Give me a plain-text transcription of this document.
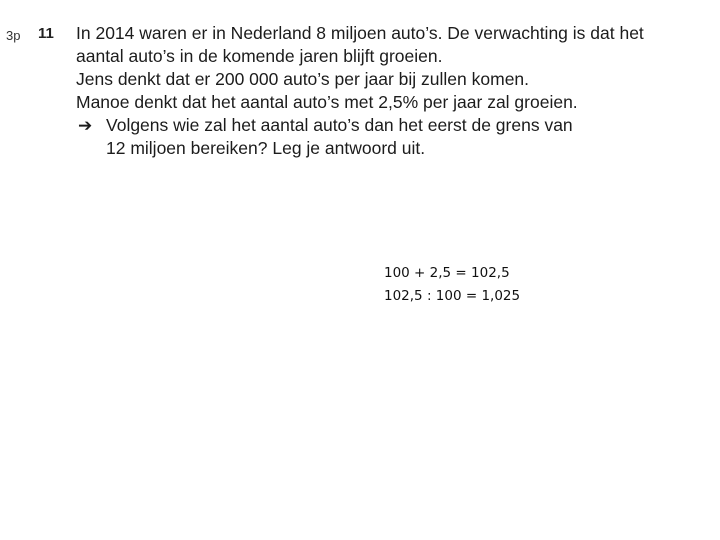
3p 11 In 2014 waren er in Nederland 8 miljoen auto’s. De verwachting is dat het
aantal auto’s in de komende jaren blijft groeien.
Jens denkt dat er 200 000 auto’s per jaar bij zullen komen.
Manoe denkt dat het aantal auto’s met 2,5% per jaar zal groeien.
➔ Volgens wie zal het aantal auto’s dan het eerst de grens van
12 miljoen bereiken? Leg je antwoord uit.
100 + 2,5 = 102,5
102,5 : 100 = 1,025
